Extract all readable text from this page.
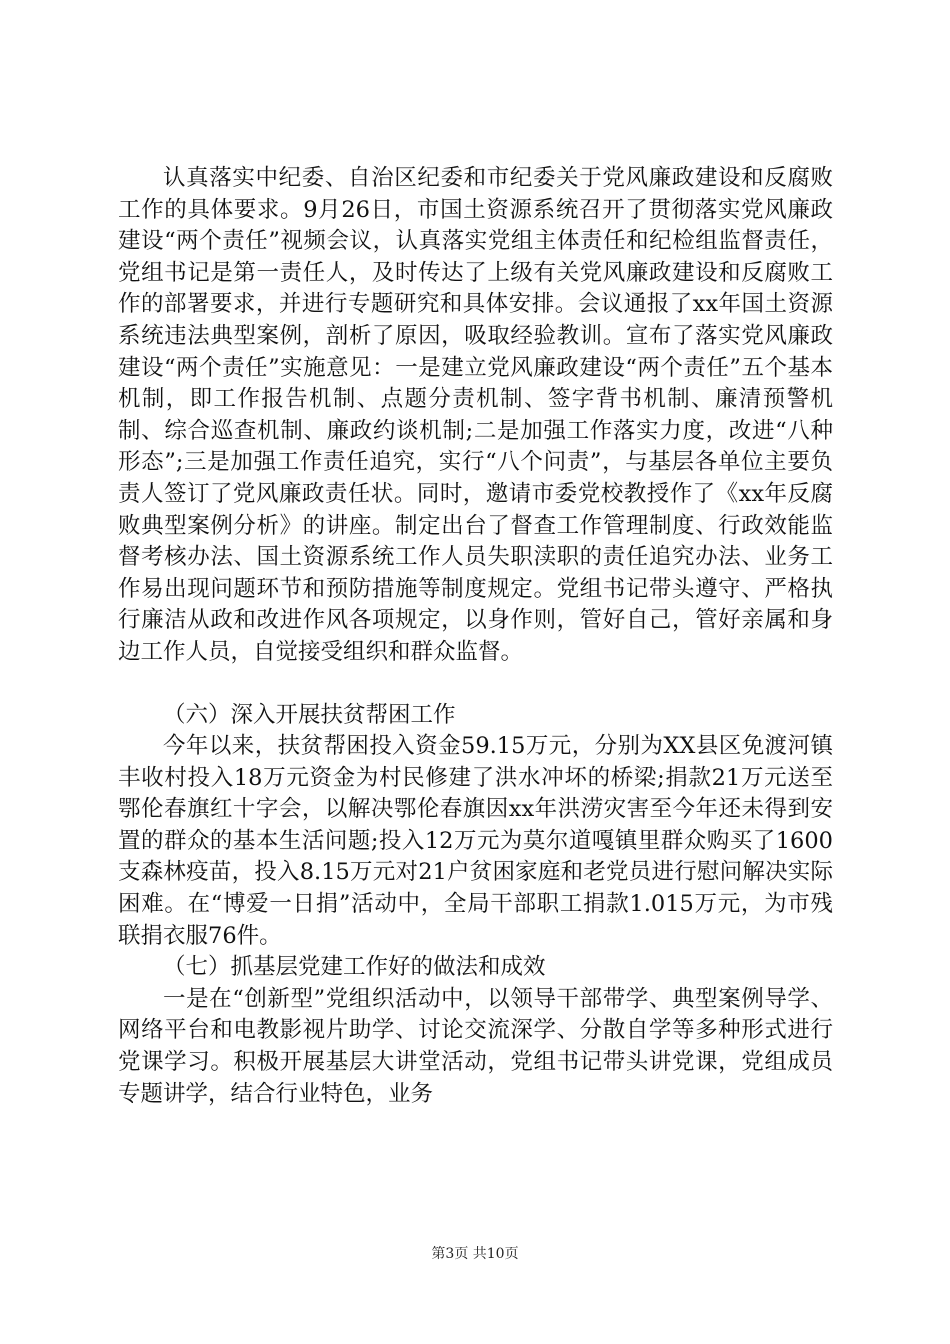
认真落实中纪委、自治区纪委和市纪委关于党风廉政建设和反腐败工作的具体要求。9月26日，市国土资源系统召开了贯彻落实党风廉政建设“两个责任”视频会议，认真落实党组主体责任和纪检组监督责任，党组书记是第一责任人，及时传达了上级有关党风廉政建设和反腐败工作的部署要求，并进行专题研究和具体安排。会议通报了xx年国土资源系统违法典型案例，剖析了原因，吸取经验教训。宣布了落实党风廉政建设“两个责任”实施意见：一是建立党风廉政建设“两个责任”五个基本机制，即工作报告机制、点题分责机制、签字背书机制、廉清预警机制、综合巡查机制、廉政约谈机制;二是加强工作落实力度，改进“八种形态”;三是加强工作责任追究，实行“八个问责”，与基层各单位主要负责人签订了党风廉政责任状。同时，邀请市委党校教授作了《xx年反腐败典型案例分析》的讲座。制定出台了督查工作管理制度、行政效能监督考核办法、国土资源系统工作人员失职渎职的责任追究办法、业务工作易出现问题环节和预防措施等制度规定。党组书记带头遵守、严格执行廉洁从政和改进作风各项规定，以身作则，管好自己，管好亲属和身边工作人员，自觉接受组织和群众监督。

（六）深入开展扶贫帮困工作

今年以来，扶贫帮困投入资金59.15万元，分别为XX县区免渡河镇丰收村投入18万元资金为村民修建了洪水冲坏的桥梁;捐款21万元送至鄂伦春旗红十字会，以解决鄂伦春旗因xx年洪涝灾害至今年还未得到安置的群众的基本生活问题;投入12万元为莫尔道嘎镇里群众购买了1600支森林疫苗，投入8.15万元对21户贫困家庭和老党员进行慰问解决实际困难。在“博爱一日捐”活动中，全局干部职工捐款1.015万元，为市残联捐衣服76件。

（七）抓基层党建工作好的做法和成效

一是在“创新型”党组织活动中，以领导干部带学、典型案例导学、网络平台和电教影视片助学、讨论交流深学、分散自学等多种形式进行党课学习。积极开展基层大讲堂活动，党组书记带头讲党课，党组成员专题讲学，结合行业特色，业务

第3页 共10页
